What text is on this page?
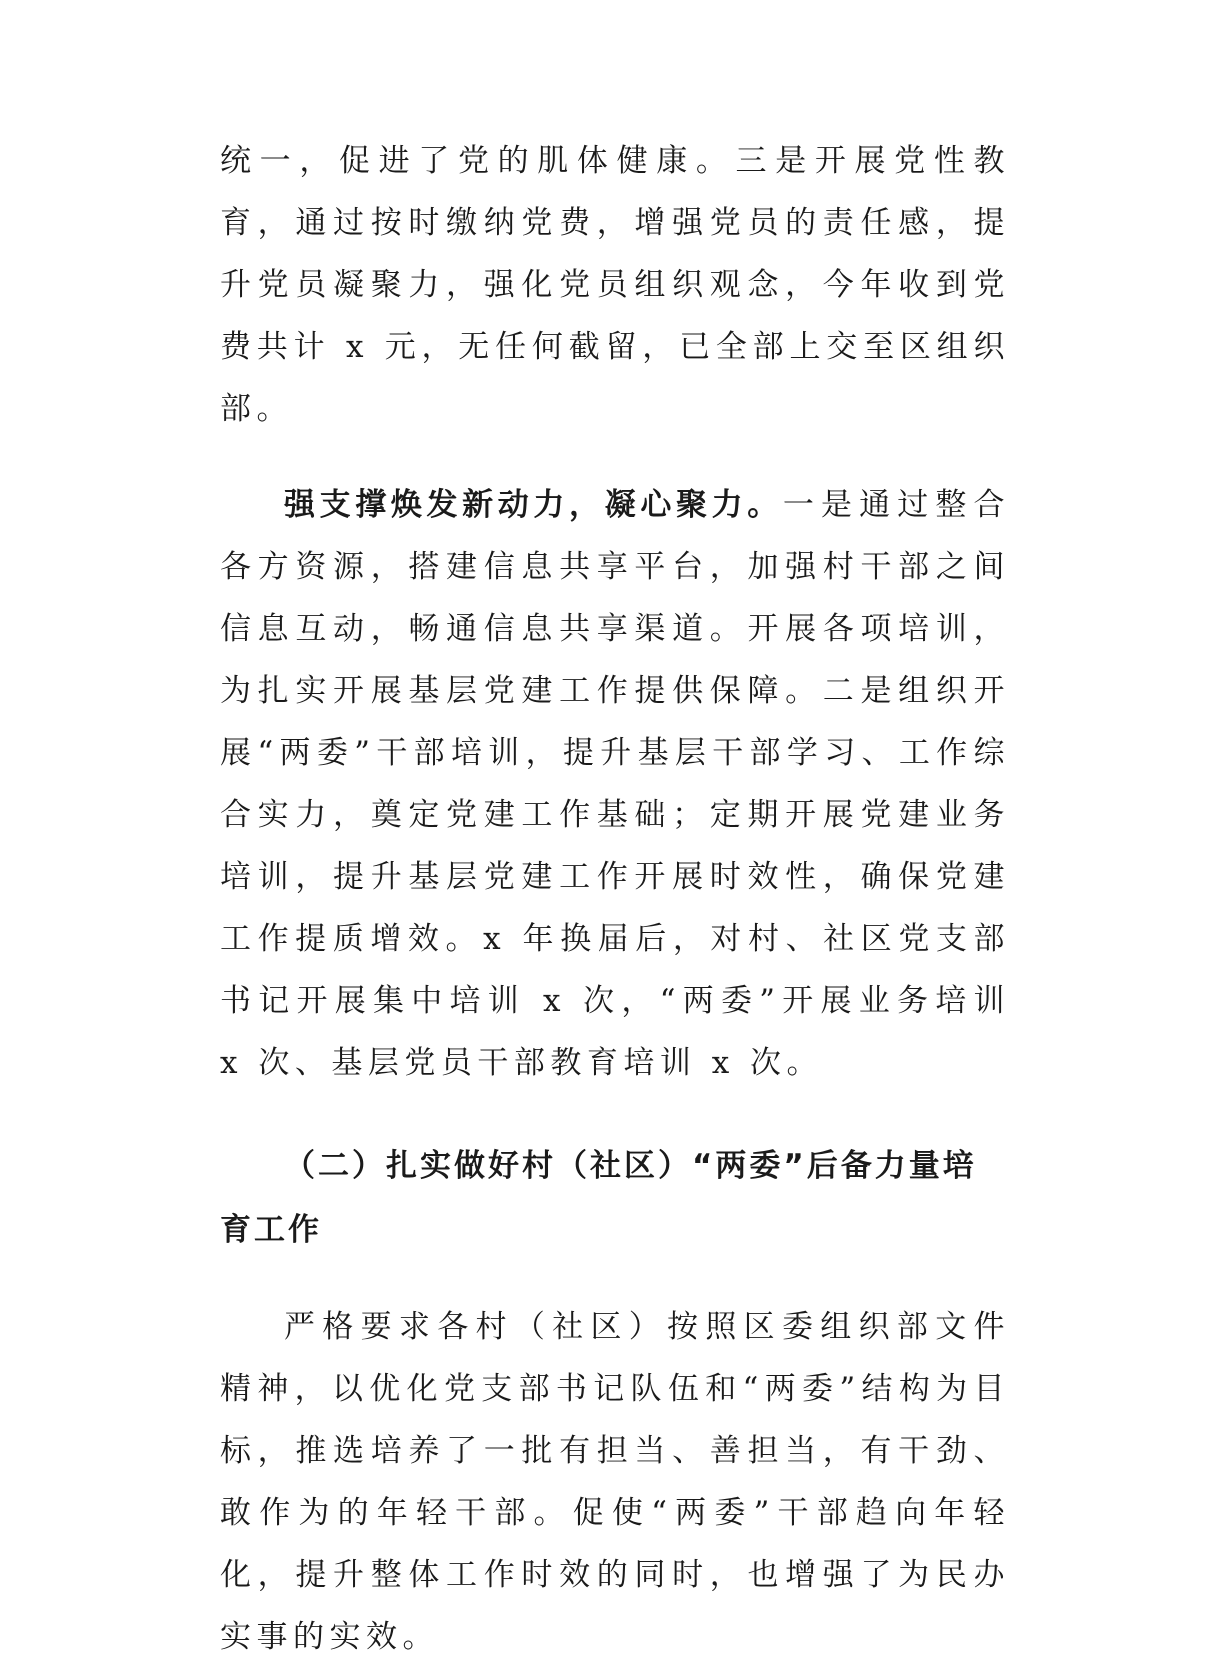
统一，促进了党的肌体健康。三是开展党性教育，通过按时缴纳党费，增强党员的责任感，提升党员凝聚力，强化党员组织观念，今年收到党费共计 x 元，无任何截留，已全部上交至区组织部。

强支撑焕发新动力，凝心聚力。一是通过整合各方资源，搭建信息共享平台，加强村干部之间信息互动，畅通信息共享渠道。开展各项培训，为扎实开展基层党建工作提供保障。二是组织开展“两委”干部培训，提升基层干部学习、工作综合实力，奠定党建工作基础；定期开展党建业务培训，提升基层党建工作开展时效性，确保党建工作提质增效。x 年换届后，对村、社区党支部书记开展集中培训 x 次，“两委”开展业务培训 x 次、基层党员干部教育培训 x 次。

（二）扎实做好村（社区）“两委”后备力量培育工作

严格要求各村（社区）按照区委组织部文件精神，以优化党支部书记队伍和“两委”结构为目标，推选培养了一批有担当、善担当，有干劲、敢作为的年轻干部。促使“两委”干部趋向年轻化，提升整体工作时效的同时，也增强了为民办实事的实效。
